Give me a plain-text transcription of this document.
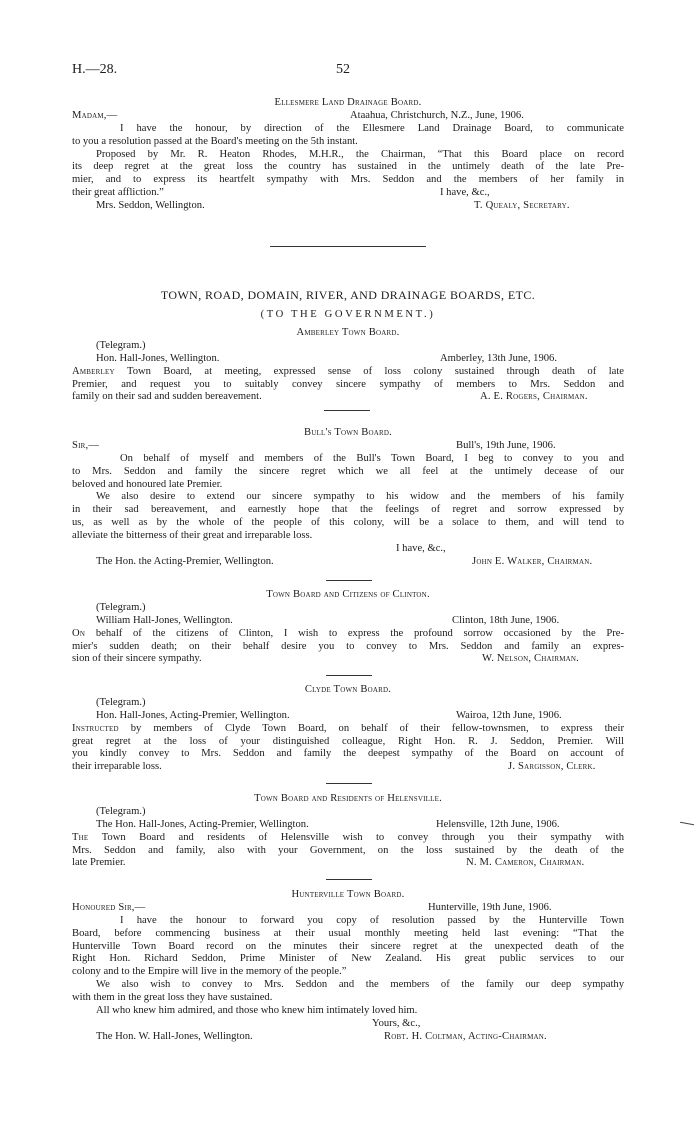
H.—28.	52
Ellesmere Land Drainage Board.
Madam,—	Ataahua, Christchurch, N.Z., June, 1906.
I have the honour, by direction of the Ellesmere Land Drainage Board, to communicate
to you a resolution passed at the Board's meeting on the 5th instant.
Proposed by Mr. R. Heaton Rhodes, M.H.R., the Chairman, “That this Board place on record
its deep regret at the great loss the country has sustained in the untimely death of the late Pre-
mier, and to express its heartfelt sympathy with Mrs. Seddon and the members of her family in
their great affliction.”	I have, &c.,
Mrs. Seddon, Wellington.	T. Quealy, Secretary.
TOWN, ROAD, DOMAIN, RIVER, AND DRAINAGE BOARDS, ETC.
(TO THE GOVERNMENT.)
Amberley Town Board.
(Telegram.)
Hon. Hall-Jones, Wellington.	Amberley, 13th June, 1906.
Amberley Town Board, at meeting, expressed sense of loss colony sustained through death of late
Premier, and request you to suitably convey sincere sympathy of members to Mrs. Seddon and
family on their sad and sudden bereavement.	A. E. Rogers, Chairman.
Bull's Town Board.
Sir,—	Bull's, 19th June, 1906.
On behalf of myself and members of the Bull's Town Board, I beg to convey to you and
to Mrs. Seddon and family the sincere regret which we all feel at the untimely decease of our
beloved and honoured late Premier.
We also desire to extend our sincere sympathy to his widow and the members of his family
in their sad bereavement, and earnestly hope that the feelings of regret and sorrow expressed by
us, as well as by the whole of the people of this colony, will be a solace to them, and will tend to
alleviate the bitterness of their great and irreparable loss.
I have, &c.,
The Hon. the Acting-Premier, Wellington.	John E. Walker, Chairman.
Town Board and Citizens of Clinton.
(Telegram.)
William Hall-Jones, Wellington.	Clinton, 18th June, 1906.
On behalf of the citizens of Clinton, I wish to express the profound sorrow occasioned by the Pre-
mier's sudden death; on their behalf desire you to convey to Mrs. Seddon and family an expres-
sion of their sincere sympathy.	W. Nelson, Chairman.
Clyde Town Board.
(Telegram.)
Hon. Hall-Jones, Acting-Premier, Wellington.	Wairoa, 12th June, 1906.
Instructed by members of Clyde Town Board, on behalf of their fellow-townsmen, to express their
great regret at the loss of your distinguished colleague, Right Hon. R. J. Seddon, Premier. Will
you kindly convey to Mrs. Seddon and family the deepest sympathy of the Board on account of
their irreparable loss.	J. Sargisson, Clerk.
Town Board and Residents of Helensville.
(Telegram.)
The Hon. Hall-Jones, Acting-Premier, Wellington.	Helensville, 12th June, 1906.
The Town Board and residents of Helensville wish to convey through you their sympathy with
Mrs. Seddon and family, also with your Government, on the loss sustained by the death of the
late Premier.	N. M. Cameron, Chairman.
Hunterville Town Board.
Honoured Sir,—	Hunterville, 19th June, 1906.
I have the honour to forward you copy of resolution passed by the Hunterville Town
Board, before commencing business at their usual monthly meeting held last evening: “That the
Hunterville Town Board record on the minutes their sincere regret at the unexpected death of the
Right Hon. Richard Seddon, Prime Minister of New Zealand. His great public services to our
colony and to the Empire will live in the memory of the people.”
We also wish to convey to Mrs. Seddon and the members of the family our deep sympathy
with them in the great loss they have sustained.
All who knew him admired, and those who knew him intimately loved him.
Yours, &c.,
The Hon. W. Hall-Jones, Wellington.	Robt. H. Coltman, Acting-Chairman.
